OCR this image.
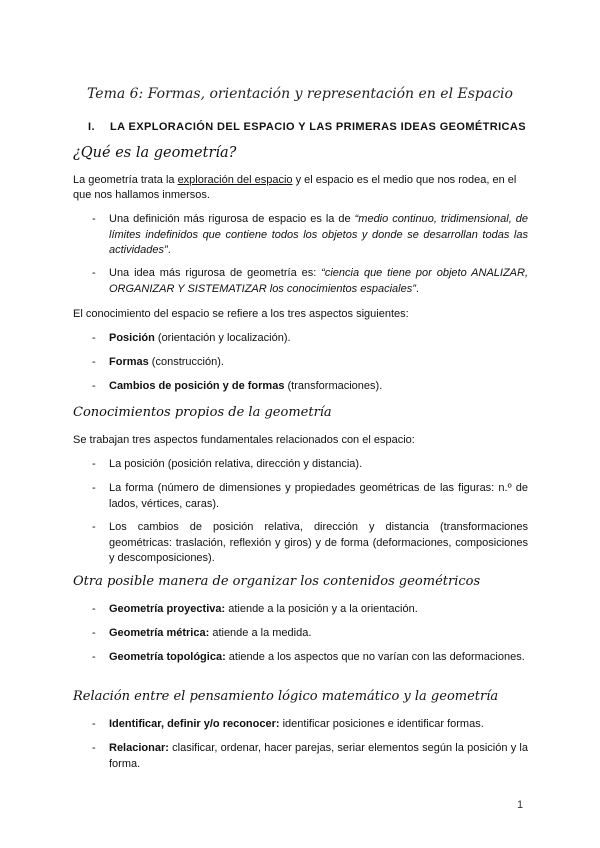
Tema 6: Formas, orientación y representación en el Espacio
I. LA EXPLORACIÓN DEL ESPACIO Y LAS PRIMERAS IDEAS GEOMÉTRICAS
¿Qué es la geometría?
La geometría trata la exploración del espacio y el espacio es el medio que nos rodea, en el que nos hallamos inmersos.
-	Una definición más rigurosa de espacio es la de “medio continuo, tridimensional, de límites indefinidos que contiene todos los objetos y donde se desarrollan todas las actividades”.
-	Una idea más rigurosa de geometría es: “ciencia que tiene por objeto ANALIZAR, ORGANIZAR Y SISTEMATIZAR los conocimientos espaciales”.
El conocimiento del espacio se refiere a los tres aspectos siguientes:
-	Posición (orientación y localización).
-	Formas (construcción).
-	Cambios de posición y de formas (transformaciones).
Conocimientos propios de la geometría
Se trabajan tres aspectos fundamentales relacionados con el espacio:
-	La posición (posición relativa, dirección y distancia).
-	La forma (número de dimensiones y propiedades geométricas de las figuras: n.º de lados, vértices, caras).
-	Los cambios de posición relativa, dirección y distancia (transformaciones geométricas: traslación, reflexión y giros) y de forma (deformaciones, composiciones y descomposiciones).
Otra posible manera de organizar los contenidos geométricos
-	Geometría proyectiva: atiende a la posición y a la orientación.
-	Geometría métrica: atiende a la medida.
-	Geometría topológica: atiende a los aspectos que no varían con las deformaciones.
Relación entre el pensamiento lógico matemático y la geometría
-	Identificar, definir y/o reconocer: identificar posiciones e identificar formas.
-	Relacionar: clasificar, ordenar, hacer parejas, seriar elementos según la posición y la forma.
1
